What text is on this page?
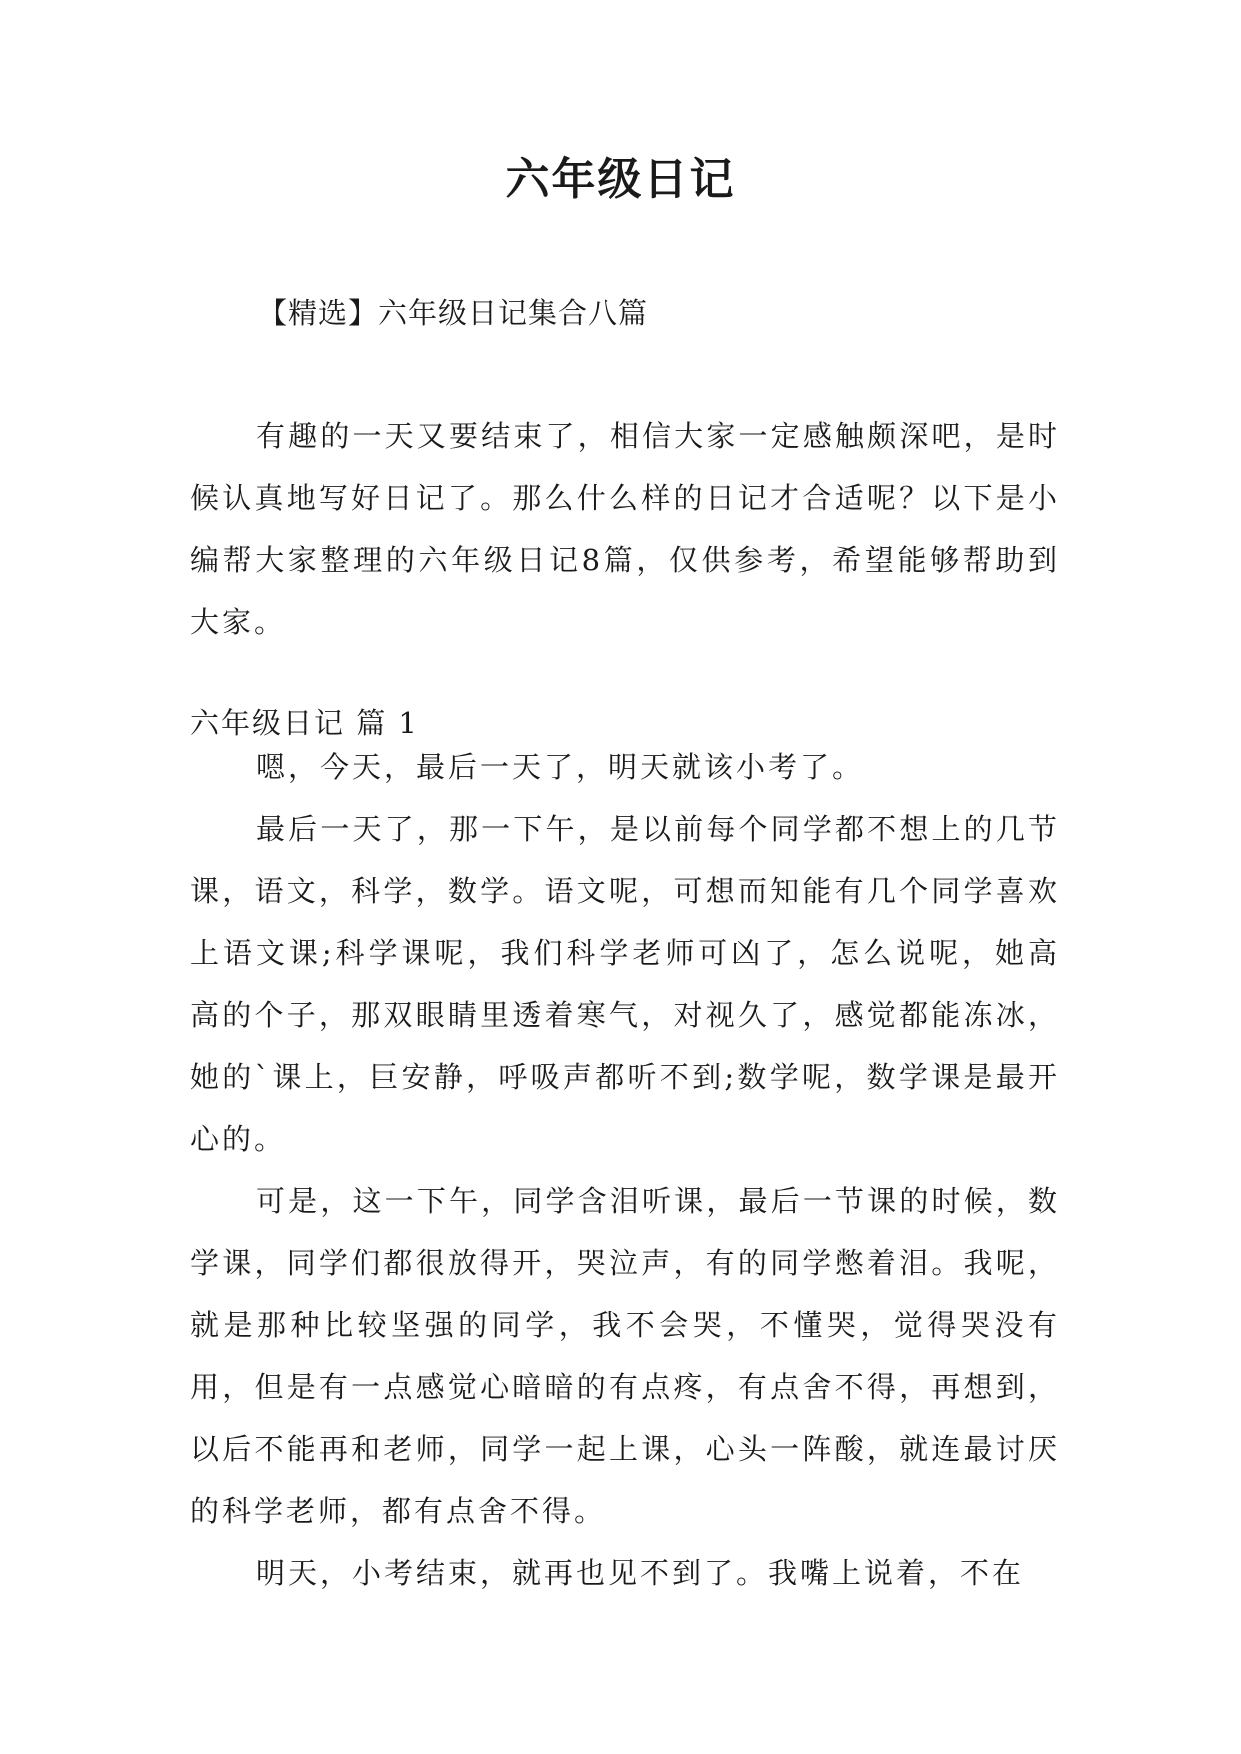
六年级日记

【精选】六年级日记集合八篇

有趣的一天又要结束了，相信大家一定感触颇深吧，是时候认真地写好日记了。那么什么样的日记才合适呢？以下是小编帮大家整理的六年级日记8篇，仅供参考，希望能够帮助到大家。

六年级日记 篇 1

嗯，今天，最后一天了，明天就该小考了。

最后一天了，那一下午，是以前每个同学都不想上的几节课，语文，科学，数学。语文呢，可想而知能有几个同学喜欢上语文课;科学课呢，我们科学老师可凶了，怎么说呢，她高高的个子，那双眼睛里透着寒气，对视久了，感觉都能冻冰，她的`课上，巨安静，呼吸声都听不到;数学呢，数学课是最开心的。

可是，这一下午，同学含泪听课，最后一节课的时候，数学课，同学们都很放得开，哭泣声，有的同学憋着泪。我呢，就是那种比较坚强的同学，我不会哭，不懂哭，觉得哭没有用，但是有一点感觉心暗暗的有点疼，有点舍不得，再想到，以后不能再和老师，同学一起上课，心头一阵酸，就连最讨厌的科学老师，都有点舍不得。

明天，小考结束，就再也见不到了。我嘴上说着，不在
